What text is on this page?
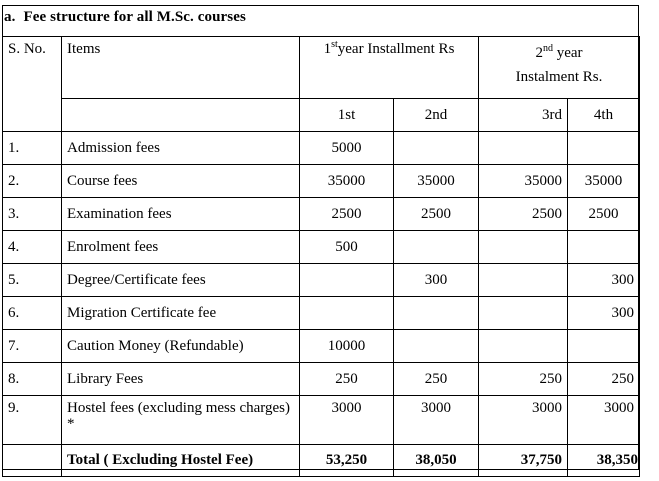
a. Fee structure for all M.Sc. courses
S. No.	Items	1styear Installment Rs		2nd year
Instalment Rs.	
		1st	2nd	3rd	4th
1.	Admission fees	5000			
2.	Course fees	35000	35000	35000	35000
3.	Examination fees	2500	2500	2500	2500
4.	Enrolment fees	500			
5.	Degree/Certificate fees		300		300
6.	Migration Certificate fee				300
7.	Caution Money (Refundable)	10000			
8.	Library Fees	250	250	250	250
9.	Hostel fees (excluding mess charges) *	3000	3000	3000	3000
	Total ( Excluding Hostel Fee)	53,250	38,050	37,750	38,350
